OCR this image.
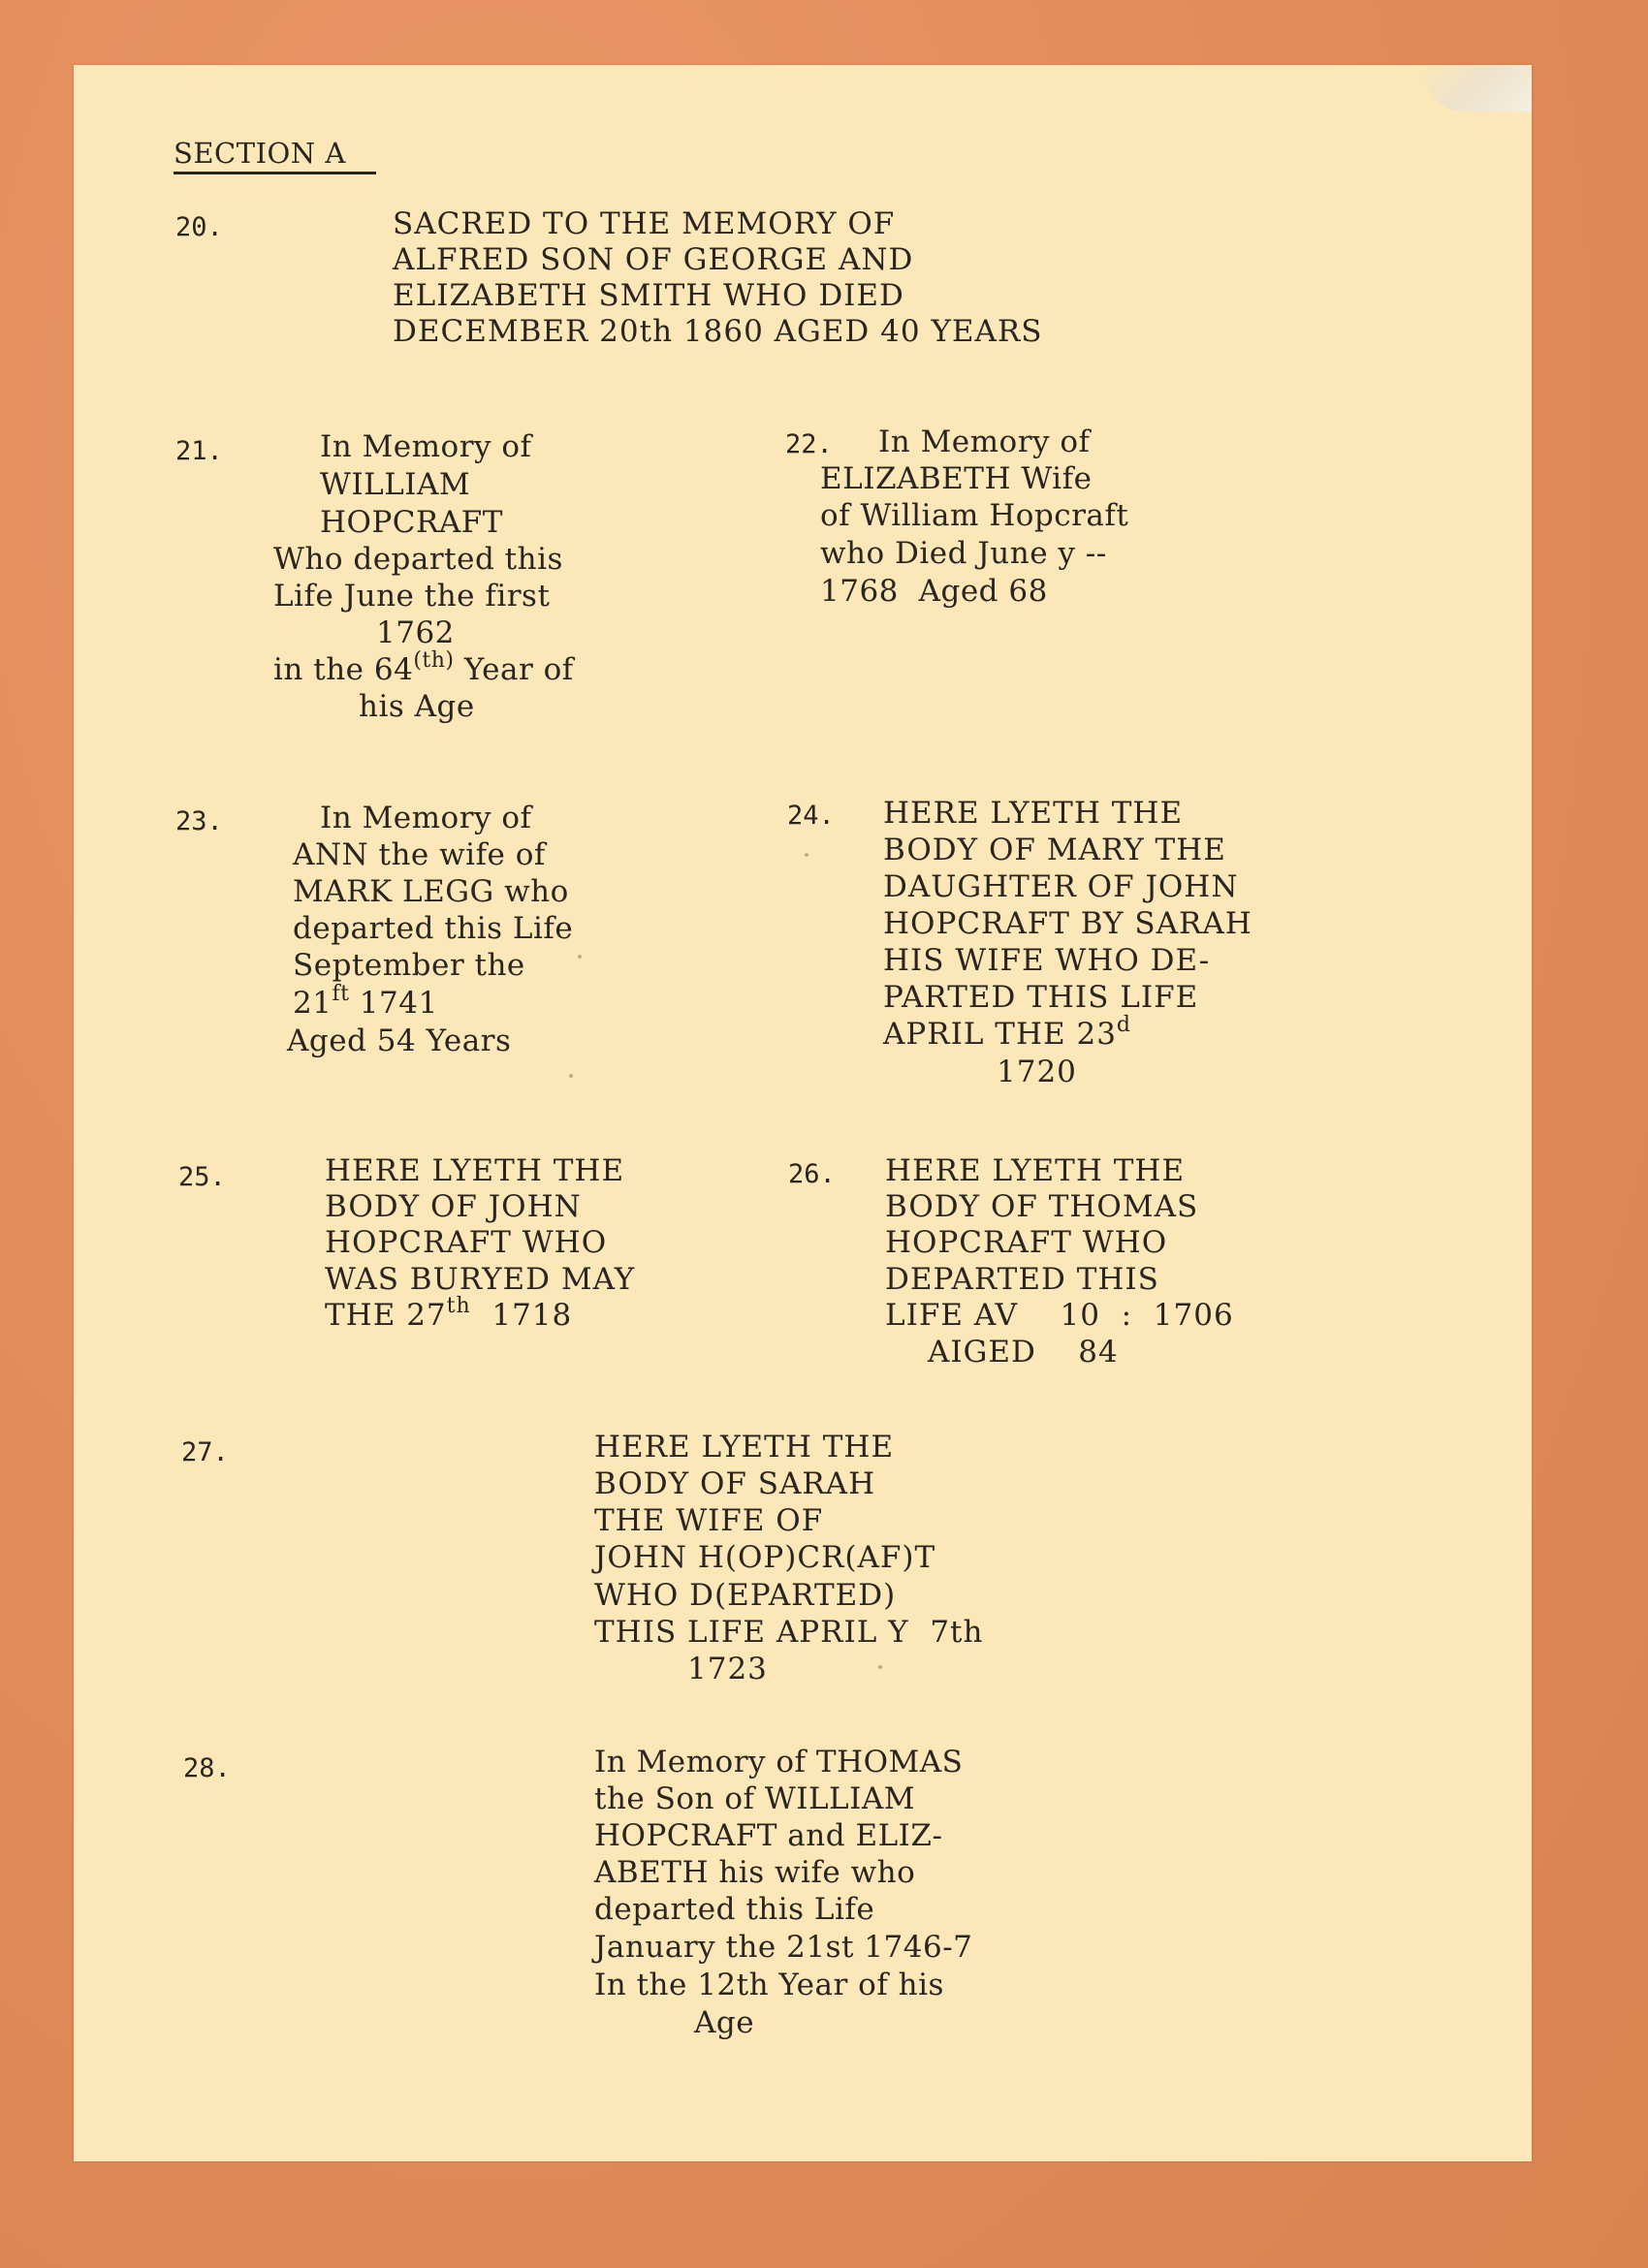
SECTION A
20.	SACRED TO THE MEMORY OF
ALFRED SON OF GEORGE AND
ELIZABETH SMITH WHO DIED
DECEMBER 20th 1860 AGED 40 YEARS
21.	In Memory of
WILLIAM
HOPCRAFT
Who departed this
Life June the first
1762
in the $64^{(th)}$ Year of
his Age
22. In Memory of
ELIZABETH Wife
of William Hopcraft
who Died June y --
1768  Aged 68
23.	In Memory of
ANN the wife of
MARK LEGG who
departed this Life
September the
$21^{ft}$ 1741
Aged 54 Years
24. HERE LYETH THE
BODY OF MARY THE
DAUGHTER OF JOHN
HOPCRAFT BY SARAH
HIS WIFE WHO DE-
PARTED THIS LIFE
APRIL THE 23$^d$
1720
25.	HERE LYETH THE
BODY OF JOHN
HOPCRAFT WHO
WAS BURYED MAY
THE 27th  1718
26. HERE LYETH THE
BODY OF THOMAS
HOPCRAFT WHO
DEPARTED THIS
LIFE AV    10  :  1706
AIGED    84
27.	HERE LYETH THE
BODY OF SARAH
THE WIFE OF
JOHN H(OP)CR(AF)T
WHO D(EPARTED)
THIS LIFE APRIL Y  7th
1723
28.	In Memory of THOMAS
the Son of WILLIAM
HOPCRAFT and ELIZ-
ABETH his wife who
departed this Life
January the 21st 1746-7
In the 12th Year of his
Age
